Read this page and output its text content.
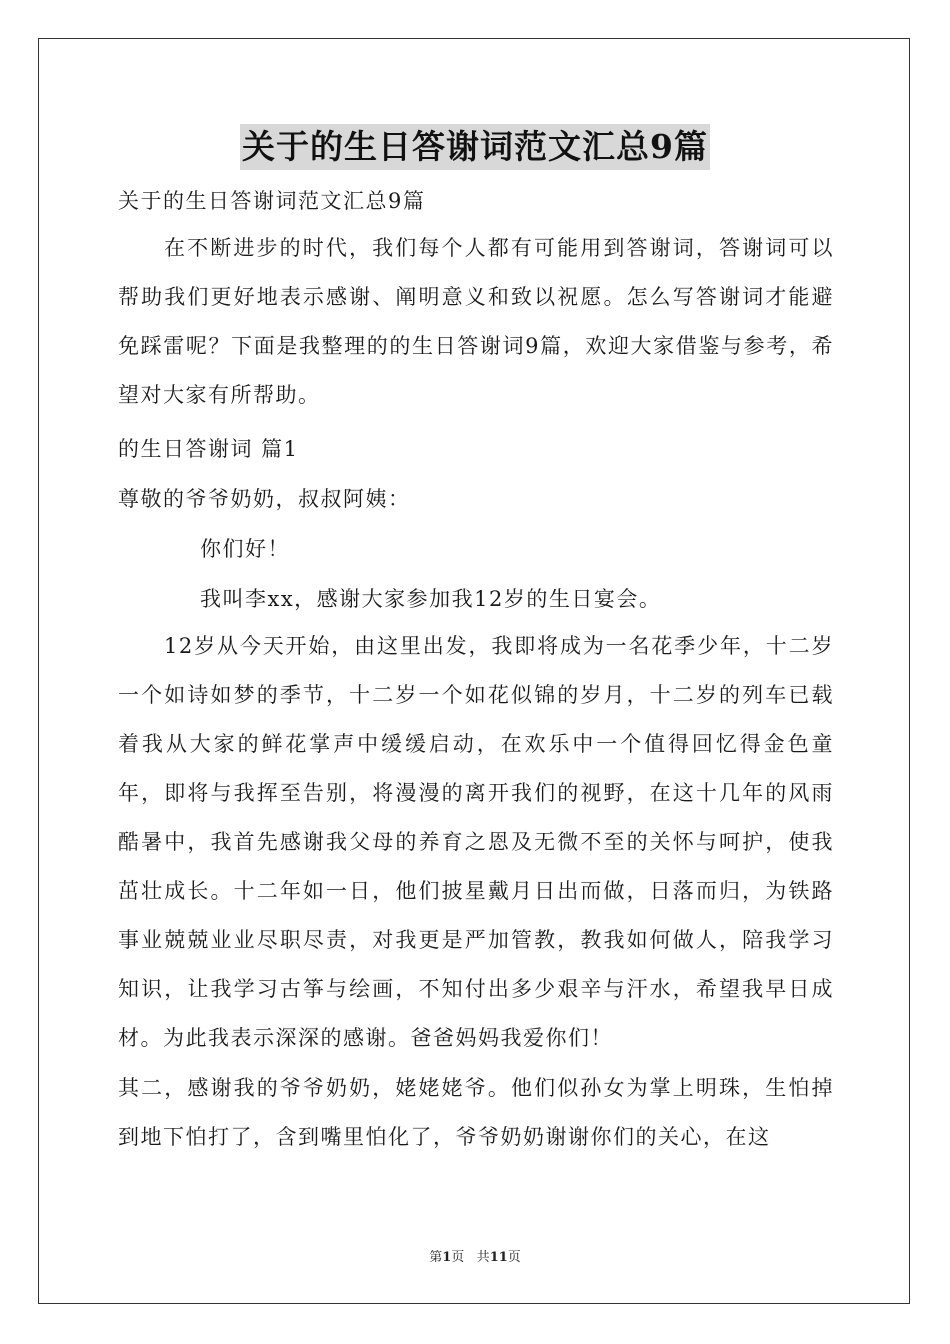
关于的生日答谢词范文汇总9篇
关于的生日答谢词范文汇总9篇
在不断进步的时代，我们每个人都有可能用到答谢词，答谢词可以帮助我们更好地表示感谢、阐明意义和致以祝愿。怎么写答谢词才能避免踩雷呢？下面是我整理的的生日答谢词9篇，欢迎大家借鉴与参考，希望对大家有所帮助。
的生日答谢词 篇1
尊敬的爷爷奶奶，叔叔阿姨：
你们好！
我叫李xx，感谢大家参加我12岁的生日宴会。
12岁从今天开始，由这里出发，我即将成为一名花季少年，十二岁一个如诗如梦的季节，十二岁一个如花似锦的岁月，十二岁的列车已载着我从大家的鲜花掌声中缓缓启动，在欢乐中一个值得回忆得金色童年，即将与我挥至告别，将漫漫的离开我们的视野，在这十几年的风雨酷暑中，我首先感谢我父母的养育之恩及无微不至的关怀与呵护，使我茁壮成长。十二年如一日，他们披星戴月日出而做，日落而归，为铁路事业兢兢业业尽职尽责，对我更是严加管教，教我如何做人，陪我学习知识，让我学习古筝与绘画，不知付出多少艰辛与汗水，希望我早日成材。为此我表示深深的感谢。爸爸妈妈我爱你们！
其二，感谢我的爷爷奶奶，姥姥姥爷。他们似孙女为掌上明珠，生怕掉到地下怕打了，含到嘴里怕化了，爷爷奶奶谢谢你们的关心，在这
第1页 共11页
